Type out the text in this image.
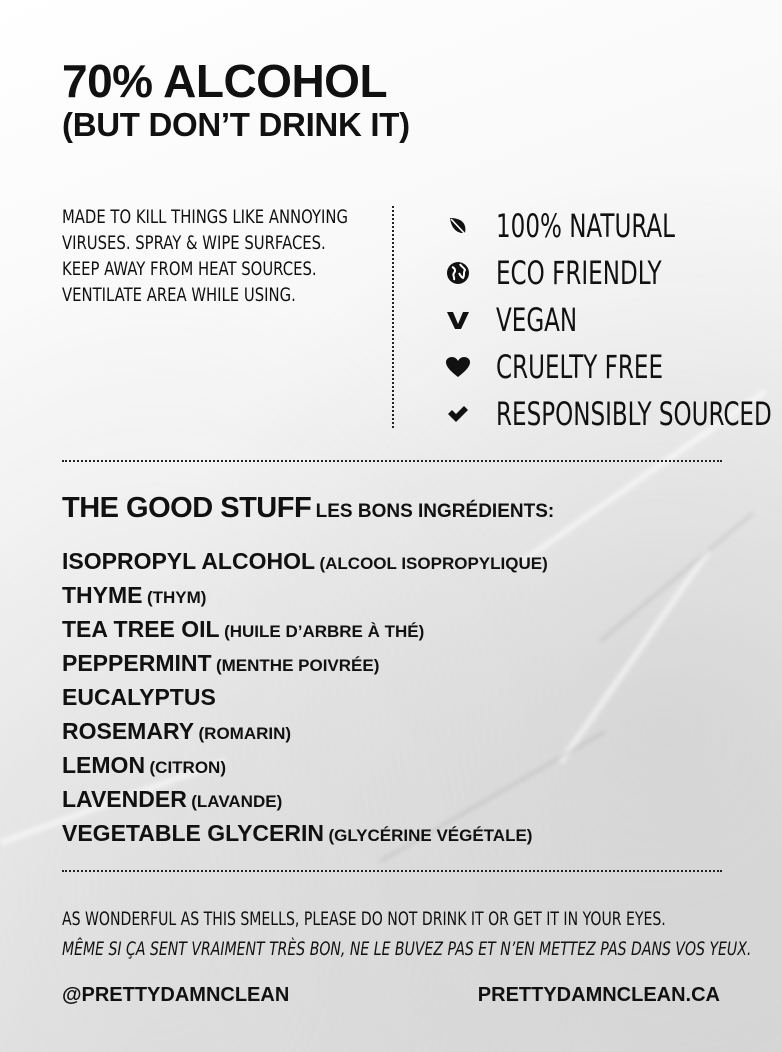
70% ALCOHOL
(BUT DON’T DRINK IT)
MADE TO KILL THINGS LIKE ANNOYING
VIRUSES. SPRAY & WIPE SURFACES.
KEEP AWAY FROM HEAT SOURCES.
VENTILATE AREA WHILE USING.
100% NATURAL
ECO FRIENDLY
VEGAN
CRUELTY FREE
RESPONSIBLY SOURCED
THE GOOD STUFF LES BONS INGRÉDIENTS:
ISOPROPYL ALCOHOL (ALCOOL ISOPROPYLIQUE)
THYME (THYM)
TEA TREE OIL (HUILE D’ARBRE À THÉ)
PEPPERMINT (MENTHE POIVRÉE)
EUCALYPTUS
ROSEMARY (ROMARIN)
LEMON (CITRON)
LAVENDER (LAVANDE)
VEGETABLE GLYCERIN (GLYCÉRINE VÉGÉTALE)
AS WONDERFUL AS THIS SMELLS, PLEASE DO NOT DRINK IT OR GET IT IN YOUR EYES.
MÊME SI ÇA SENT VRAIMENT TRÈS BON, NE LE BUVEZ PAS ET N’EN METTEZ PAS DANS VOS YEUX.
@PRETTYDAMNCLEAN	PRETTYDAMNCLEAN.CA
